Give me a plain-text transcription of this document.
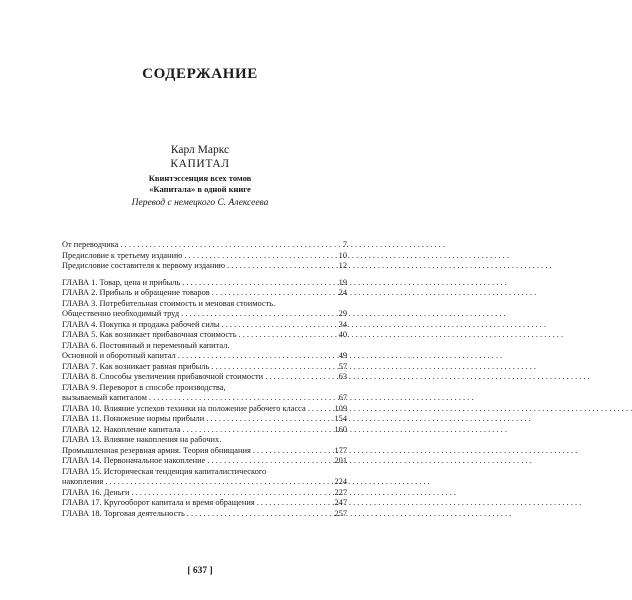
СОДЕРЖАНИЕ
Карл Маркс
КАПИТАЛ
Квинтэссенция всех томов
«Капитала» в одной книге
Перевод с немецкого С. Алексеева
От переводчика . . .	7
Предисловие к третьему изданию . . .	10
Предисловие составителя к первому изданию . . .	12
ГЛАВА 1. Товар, цена и прибыль . . .	19
ГЛАВА 2. Прибыль и обращение товаров . . .	24
ГЛАВА 3. Потребительная стоимость и меновая стоимость.
Общественно необходимый труд . . .	29
ГЛАВА 4. Покупка и продажа рабочей силы . . .	34
ГЛАВА 5. Как возникает прибавочная стоимость . . .	40
ГЛАВА 6. Постоянный и переменный капитал.
Основной и оборотный капитал . . .	49
ГЛАВА 7. Как возникает равная прибыль . . .	57
ГЛАВА 8. Способы увеличения прибавочной стоимости . . .	63
ГЛАВА 9. Переворот в способе производства,
вызываемый капиталом . . .	67
ГЛАВА 10. Влияние успехов техники на положение рабочего класса . . .	109
ГЛАВА 11. Понижение нормы прибыли . . .	154
ГЛАВА 12. Накопление капитала . . .	160
ГЛАВА 13. Влияние накопления на рабочих.
Промышленная резервная армия. Теория обнищания . . .	177
ГЛАВА 14. Первоначальное накопление . . .	201
ГЛАВА 15. Историческая тенденция капиталистического
накопления . . .	224
ГЛАВА 16. Деньги . . .	227
ГЛАВА 17. Кругооборот капитала и время обращения . . .	247
ГЛАВА 18. Торговая деятельность . . .	257
[ 637 ]
